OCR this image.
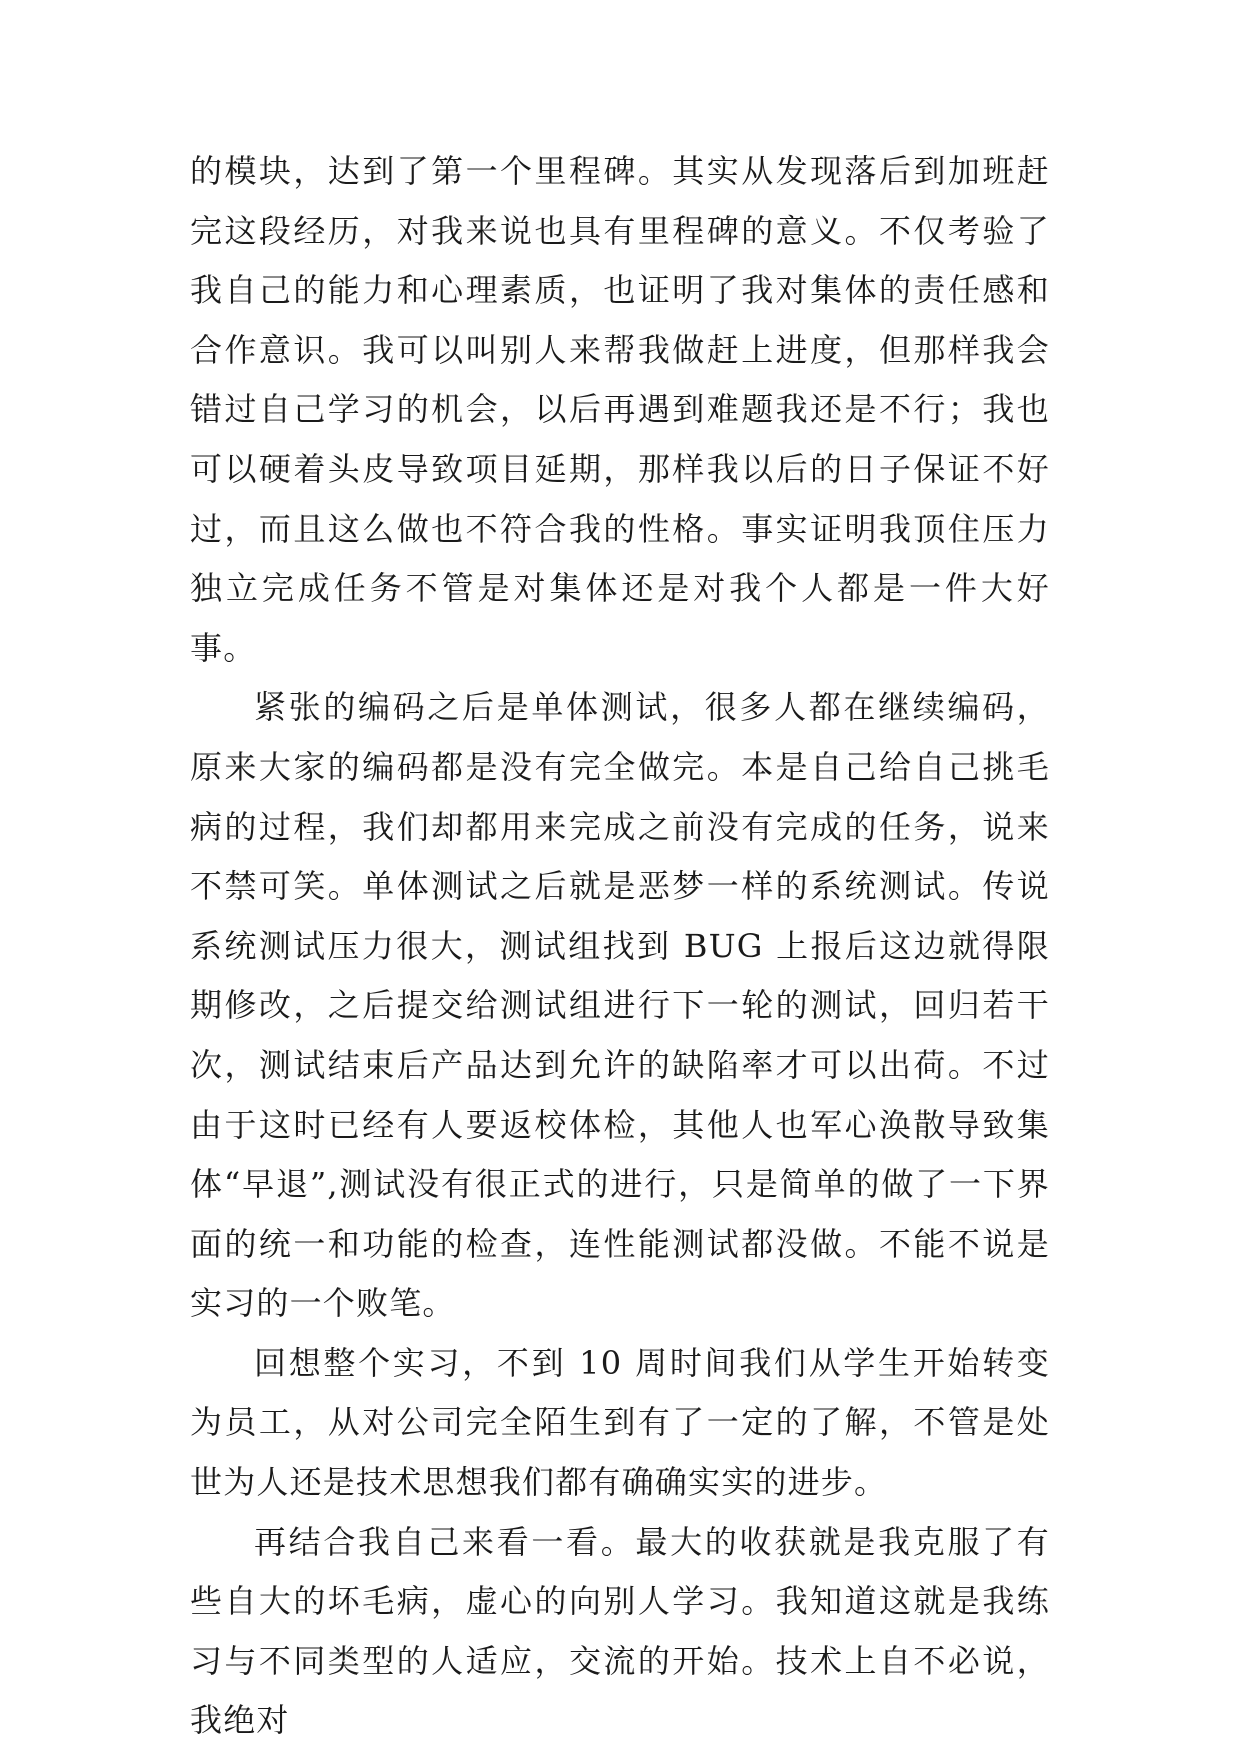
的模块，达到了第一个里程碑。其实从发现落后到加班赶完这段经历，对我来说也具有里程碑的意义。不仅考验了我自己的能力和心理素质，也证明了我对集体的责任感和合作意识。我可以叫别人来帮我做赶上进度，但那样我会错过自己学习的机会，以后再遇到难题我还是不行；我也可以硬着头皮导致项目延期，那样我以后的日子保证不好过，而且这么做也不符合我的性格。事实证明我顶住压力独立完成任务不管是对集体还是对我个人都是一件大好事。

紧张的编码之后是单体测试，很多人都在继续编码，原来大家的编码都是没有完全做完。本是自己给自己挑毛病的过程，我们却都用来完成之前没有完成的任务，说来不禁可笑。单体测试之后就是恶梦一样的系统测试。传说系统测试压力很大，测试组找到 BUG 上报后这边就得限期修改，之后提交给测试组进行下一轮的测试，回归若干次，测试结束后产品达到允许的缺陷率才可以出荷。不过由于这时已经有人要返校体检，其他人也军心涣散导致集体“早退”,测试没有很正式的进行，只是简单的做了一下界面的统一和功能的检查，连性能测试都没做。不能不说是实习的一个败笔。

回想整个实习，不到 10 周时间我们从学生开始转变为员工，从对公司完全陌生到有了一定的了解，不管是处世为人还是技术思想我们都有确确实实的进步。

再结合我自己来看一看。最大的收获就是我克服了有些自大的坏毛病，虚心的向别人学习。我知道这就是我练习与不同类型的人适应，交流的开始。技术上自不必说，我绝对
